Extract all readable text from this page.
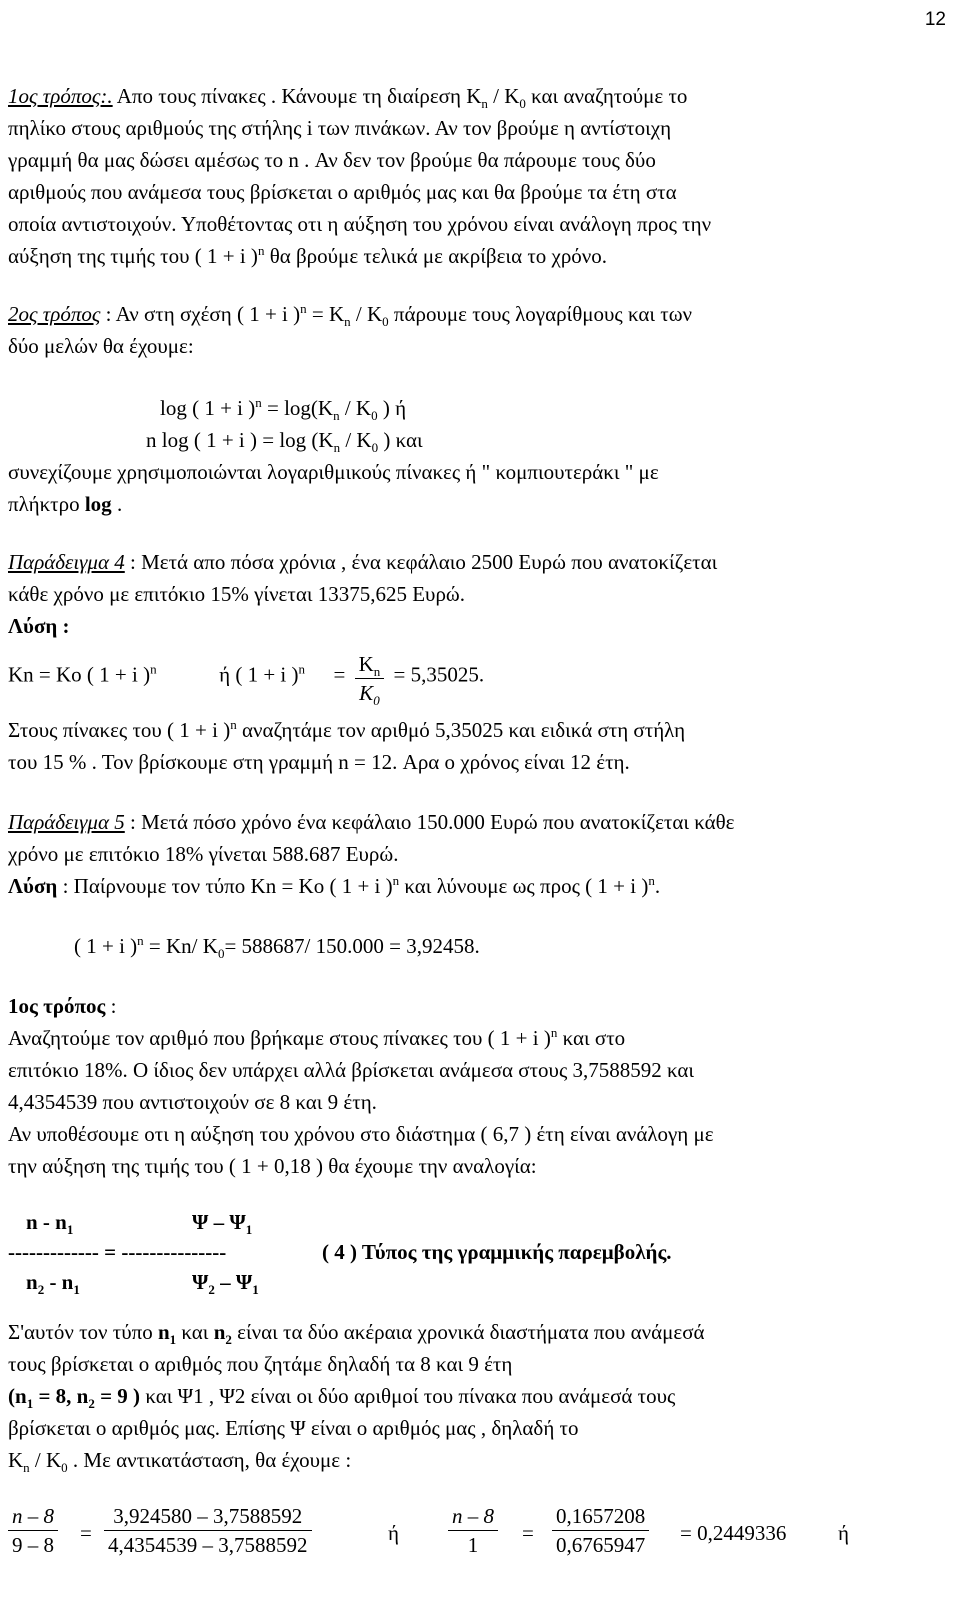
12
1ος τρόπος:. Απο τους πίνακες . Κάνουμε τη διαίρεση $K_n / K_0$ και αναζητούμε το
πηλίκο στους αριθμούς της στήλης i των πινάκων. Αν τον βρούμε η αντίστοιχη
γραμμή θα μας δώσει αμέσως το n . Αν δεν τον βρούμε θα πάρουμε τους δύο
αριθμούς που ανάμεσα τους βρίσκεται ο αριθμός μας και θα βρούμε τα έτη στα
οποία αντιστοιχούν. Υποθέτοντας οτι η αύξηση του χρόνου είναι ανάλογη προς την
αύξηση της τιμής του ( 1 + i )$^n$ θα βρούμε τελικά με ακρίβεια το χρόνο.
2ος τρόπος : Αν στη σχέση ( 1 + i )$^n = K_n / K_0$ πάρουμε τους λογαρίθμους και των
δύο μελών θα έχουμε:
log ( 1 + i )$^n = \log(K_n / K_0$ ) ή
n log ( 1 + i ) = $\log (K_n / K_0$ ) και
συνεχίζουμε χρησιμοποιώνται λογαριθμικούς πίνακες ή " κομπιουτεράκι " με
πλήκτρο log .
Παράδειγμα 4 : Μετά απο πόσα χρόνια , ένα κεφάλαιο 2500 Ευρώ που ανατοκίζεται
κάθε χρόνο με επιτόκιο 15% γίνεται 13375,625 Ευρώ.
Λύση :
Kn = Ko ( 1 + i )$^n$	ή ( 1 + i )$^n = \frac{K_n}{K_0} = 5,35025$.
Στους πίνακες του ( 1 + i )$^n$ αναζητάμε τον αριθμό 5,35025 και ειδικά στη στήλη
του 15 % . Τον βρίσκουμε στη γραμμή n = 12. Αρα ο χρόνος είναι 12 έτη.
Παράδειγμα 5 : Μετά πόσο χρόνο ένα κεφάλαιο 150.000 Ευρώ που ανατοκίζεται κάθε
χρόνο με επιτόκιο 18% γίνεται 588.687 Ευρώ.
Λύση : Παίρνουμε τον τύπο Kn = Ko ( 1 + i )$^n$ και λύνουμε ως προς ( 1 + i )$^n$.
( 1 + i )$^n$ = Kn/ $K_0= 588687/$ 150.000 = 3,92458.
1ος τρόπος :
Αναζητούμε τον αριθμό που βρήκαμε στους πίνακες του ( 1 + i )$^n$ και στο
επιτόκιο 18%. Ο ίδιος δεν υπάρχει αλλά βρίσκεται ανάμεσα στους 3,7588592 και
4,4354539 που αντιστοιχούν σε 8 και 9 έτη.
Αν υποθέσουμε οτι η αύξηση του χρόνου στο διάστημα ( 6,7 ) έτη είναι ανάλογη με
την αύξηση της τιμής του ( 1 + 0,18 ) θα έχουμε την αναλογία:
n - $n_1$	Ψ – $\Psi_1$
------------- = ---------------	( 4 ) Τύπος της γραμμικής παρεμβολής.
$n_2 - n_1$	$\Psi_2 - \Psi_1$
Σ'αυτόν τον τύπο $n_1$ και $n_2$ είναι τα δύο ακέραια χρονικά διαστήματα που ανάμεσά
τους βρίσκεται ο αριθμός που ζητάμε δηλαδή τα 8 και 9 έτη
($n_1 = 8$, $n_2 = 9$ ) και Ψ1 , Ψ2 είναι οι δύο αριθμοί του πίνακα που ανάμεσά τους
βρίσκεται ο αριθμός μας. Επίσης Ψ είναι ο αριθμός μας , δηλαδή το
$K_n / K_0$ . Με αντικατάσταση, θα έχουμε :
$\frac{n - 8}{9 - 8} = \frac{3,924580 - 3,7588592}{4,4354539 - 3,7588592}$	ή $\frac{n - 8}{1} = \frac{0,1657208}{0,6765947} = 0,2449336$ ή
